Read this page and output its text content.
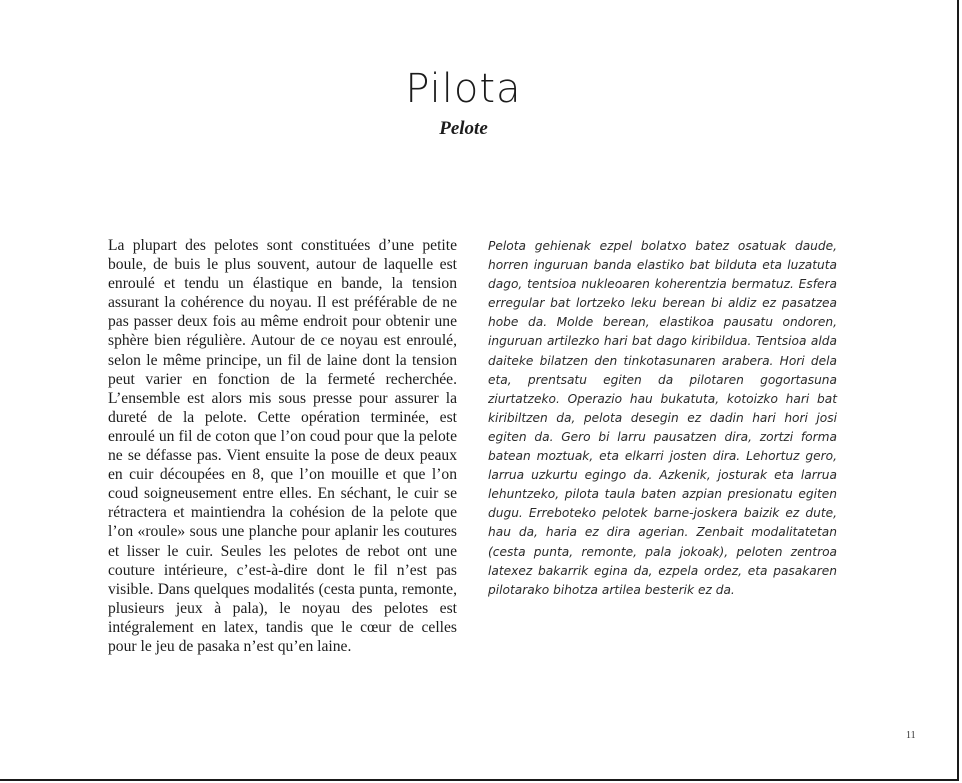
Pilota
Pelote

La plupart des pelotes sont constituées d’une petite boule, de buis le plus souvent, autour de laquelle est enroulé et tendu un élastique en bande, la tension assurant la cohérence du noyau. Il est préférable de ne pas passer deux fois au même endroit pour obtenir une sphère bien régulière. Autour de ce noyau est enroulé, selon le même principe, un fil de laine dont la tension peut varier en fonction de la fermeté recherchée. L’ensemble est alors mis sous presse pour assurer la dureté de la pelote. Cette opération terminée, est enroulé un fil de coton que l’on coud pour que la pelote ne se défasse pas. Vient ensuite la pose de deux peaux en cuir découpées en 8, que l’on mouille et que l’on coud soigneusement entre elles. En séchant, le cuir se rétractera et maintiendra la cohésion de la pelote que l’on «roule» sous une planche pour aplanir les coutures et lisser le cuir. Seules les pelotes de rebot ont une couture intérieure, c’est-à-dire dont le fil n’est pas visible. Dans quelques modalités (cesta punta, remonte, plusieurs jeux à pala), le noyau des pelotes est intégralement en latex, tandis que le cœur de celles pour le jeu de pasaka n’est qu’en laine.

Pelota gehienak ezpel bolatxo batez osatuak daude, horren inguruan banda elastiko bat bilduta eta luzatuta dago, tentsioa nukleoaren koherentzia bermatuz. Esfera erregular bat lortzeko leku berean bi aldiz ez pasatzea hobe da. Molde berean, elastikoa pausatu ondoren, inguruan artilezko hari bat dago kiribildua. Tentsioa alda daiteke bilatzen den tinkotasunaren arabera. Hori dela eta, prentsatu egiten da pilotaren gogortasuna ziurtatzeko. Operazio hau bukatuta, kotoizko hari bat kiribiltzen da, pelota desegin ez dadin hari hori josi egiten da. Gero bi larru pausatzen dira, zortzi forma batean moztuak, eta elkarri josten dira. Lehortuz gero, larrua uzkurtu egingo da. Azkenik, josturak eta larrua lehuntzeko, pilota taula baten azpian presionatu egiten dugu. Erreboteko pelotek barne-joskera baizik ez dute, hau da, haria ez dira agerian. Zenbait modalitatetan (cesta punta, remonte, pala jokoak), peloten zentroa latexez bakarrik egina da, ezpela ordez, eta pasakaren pilotarako bihotza artilea besterik ez da.

11
